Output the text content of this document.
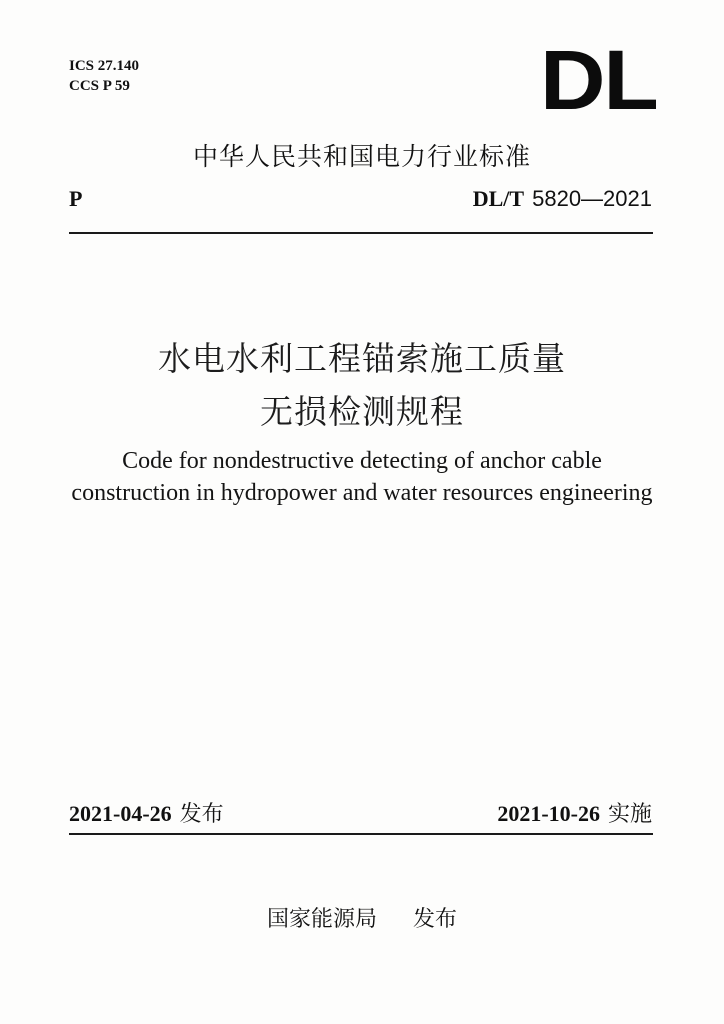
ICS 27.140
CCS P 59	DL
中华人民共和国电力行业标准
P	DL/T 5820—2021
水电水利工程锚索施工质量
无损检测规程
Code for nondestructive detecting of anchor cable
construction in hydropower and water resources engineering
2021-04-26 发布	2021-10-26 实施
国家能源局 发布
